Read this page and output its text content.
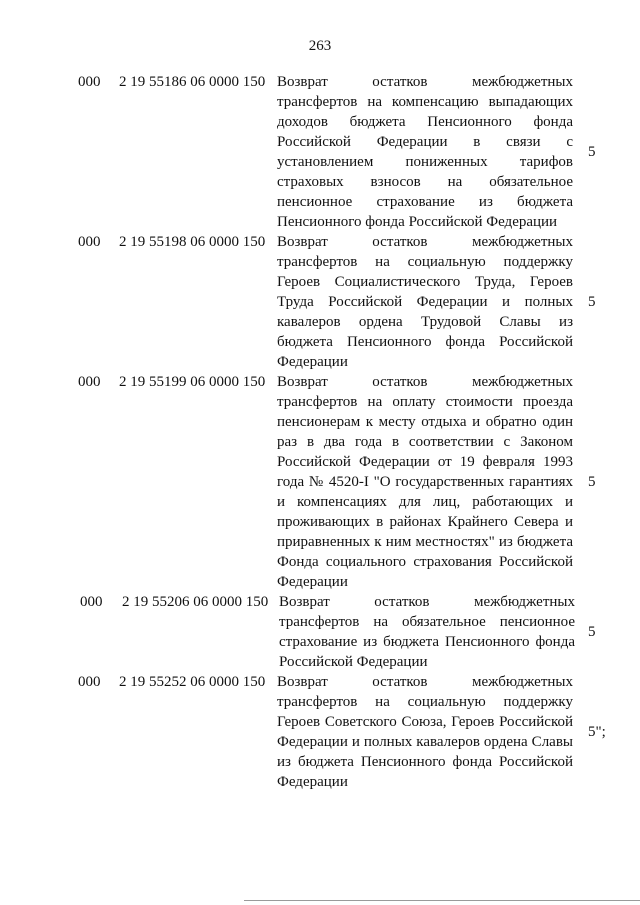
263
000 2 19 55186 06 0000 150 Возврат остатков межбюджетных трансфертов на компенсацию выпадающих доходов бюджета Пенсионного фонда Российской Федерации в связи с установлением пониженных тарифов страховых взносов на обязательное пенсионное страхование из бюджета Пенсионного фонда Российской Федерации
5
000 2 19 55198 06 0000 150 Возврат остатков межбюджетных трансфертов на социальную поддержку Героев Социалистического Труда, Героев Труда Российской Федерации и полных кавалеров ордена Трудовой Славы из бюджета Пенсионного фонда Российской Федерации
5
000 2 19 55199 06 0000 150 Возврат остатков межбюджетных трансфертов на оплату стоимости проезда пенсионерам к месту отдыха и обратно один раз в два года в соответствии с Законом Российской Федерации от 19 февраля 1993 года № 4520-I "О государственных гарантиях и компенсациях для лиц, работающих и проживающих в районах Крайнего Севера и приравненных к ним местностях" из бюджета Фонда социального страхования Российской Федерации
5
000 2 19 55206 06 0000 150 Возврат остатков межбюджетных трансфертов на обязательное пенсионное страхование из бюджета Пенсионного фонда Российской Федерации
5
000 2 19 55252 06 0000 150 Возврат остатков межбюджетных трансфертов на социальную поддержку Героев Советского Союза, Героев Российской Федерации и полных кавалеров ордена Славы из бюджета Пенсионного фонда Российской Федерации
5";
